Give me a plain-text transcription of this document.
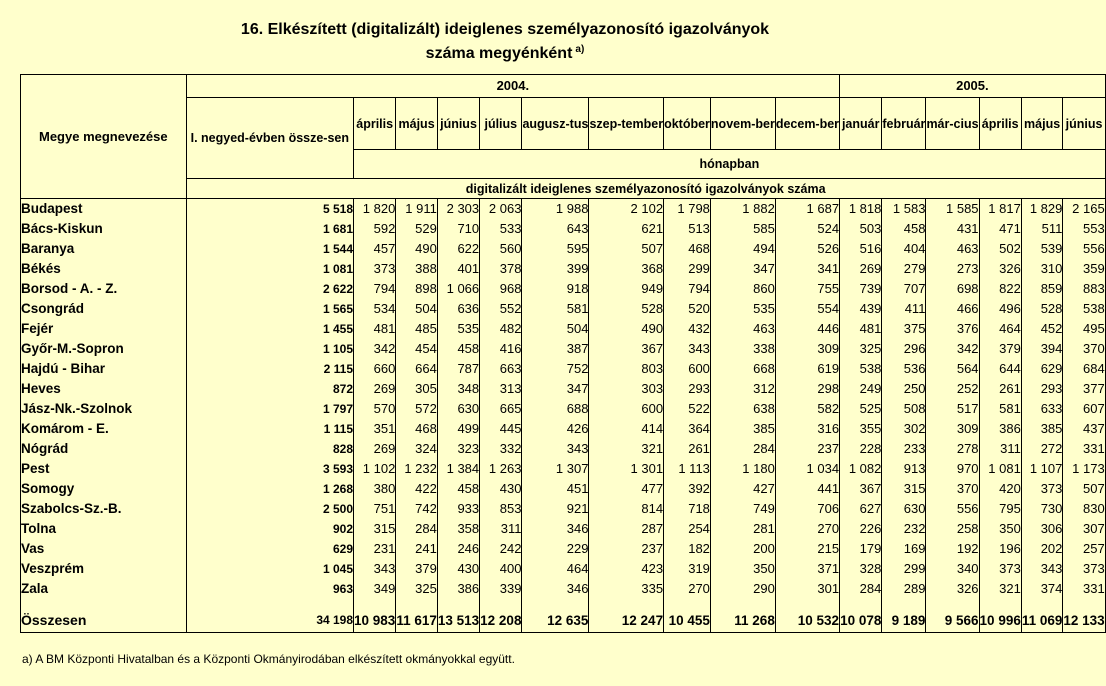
16. Elkészített (digitalizált) ideiglenes személyazonosító igazolványok
száma megyénként $^{a)}$
Megye megnevezése	2004.										2005.					
	I. negyed-évben össze-sen	április	május	június	július	augusz-tus	szep-tember	október	novem-ber	decem-ber	január	február	már-cius	április	május	június
		hónapban														
	digitalizált ideiglenes személyazonosító igazolványok száma															
Budapest	5 518	1 820	1 911	2 303	2 063	1 988	2 102	1 798	1 882	1 687	1 818	1 583	1 585	1 817	1 829	2 165
Bács-Kiskun	1 681	592	529	710	533	643	621	513	585	524	503	458	431	471	511	553
Baranya	1 544	457	490	622	560	595	507	468	494	526	516	404	463	502	539	556
Békés	1 081	373	388	401	378	399	368	299	347	341	269	279	273	326	310	359
Borsod - A. - Z.	2 622	794	898	1 066	968	918	949	794	860	755	739	707	698	822	859	883
Csongrád	1 565	534	504	636	552	581	528	520	535	554	439	411	466	496	528	538
Fejér	1 455	481	485	535	482	504	490	432	463	446	481	375	376	464	452	495
Győr-M.-Sopron	1 105	342	454	458	416	387	367	343	338	309	325	296	342	379	394	370
Hajdú - Bihar	2 115	660	664	787	663	752	803	600	668	619	538	536	564	644	629	684
Heves	872	269	305	348	313	347	303	293	312	298	249	250	252	261	293	377
Jász-Nk.-Szolnok	1 797	570	572	630	665	688	600	522	638	582	525	508	517	581	633	607
Komárom - E.	1 115	351	468	499	445	426	414	364	385	316	355	302	309	386	385	437
Nógrád	828	269	324	323	332	343	321	261	284	237	228	233	278	311	272	331
Pest	3 593	1 102	1 232	1 384	1 263	1 307	1 301	1 113	1 180	1 034	1 082	913	970	1 081	1 107	1 173
Somogy	1 268	380	422	458	430	451	477	392	427	441	367	315	370	420	373	507
Szabolcs-Sz.-B.	2 500	751	742	933	853	921	814	718	749	706	627	630	556	795	730	830
Tolna	902	315	284	358	311	346	287	254	281	270	226	232	258	350	306	307
Vas	629	231	241	246	242	229	237	182	200	215	179	169	192	196	202	257
Veszprém	1 045	343	379	430	400	464	423	319	350	371	328	299	340	373	343	373
Zala	963	349	325	386	339	346	335	270	290	301	284	289	326	321	374	331

Összesen	34 198	10 983	11 617	13 513	12 208	12 635	12 247	10 455	11 268	10 532	10 078	9 189	9 566	10 996	11 069	12 133
a) A BM Központi Hivatalban és a Központi Okmányirodában elkészített okmányokkal együtt.
